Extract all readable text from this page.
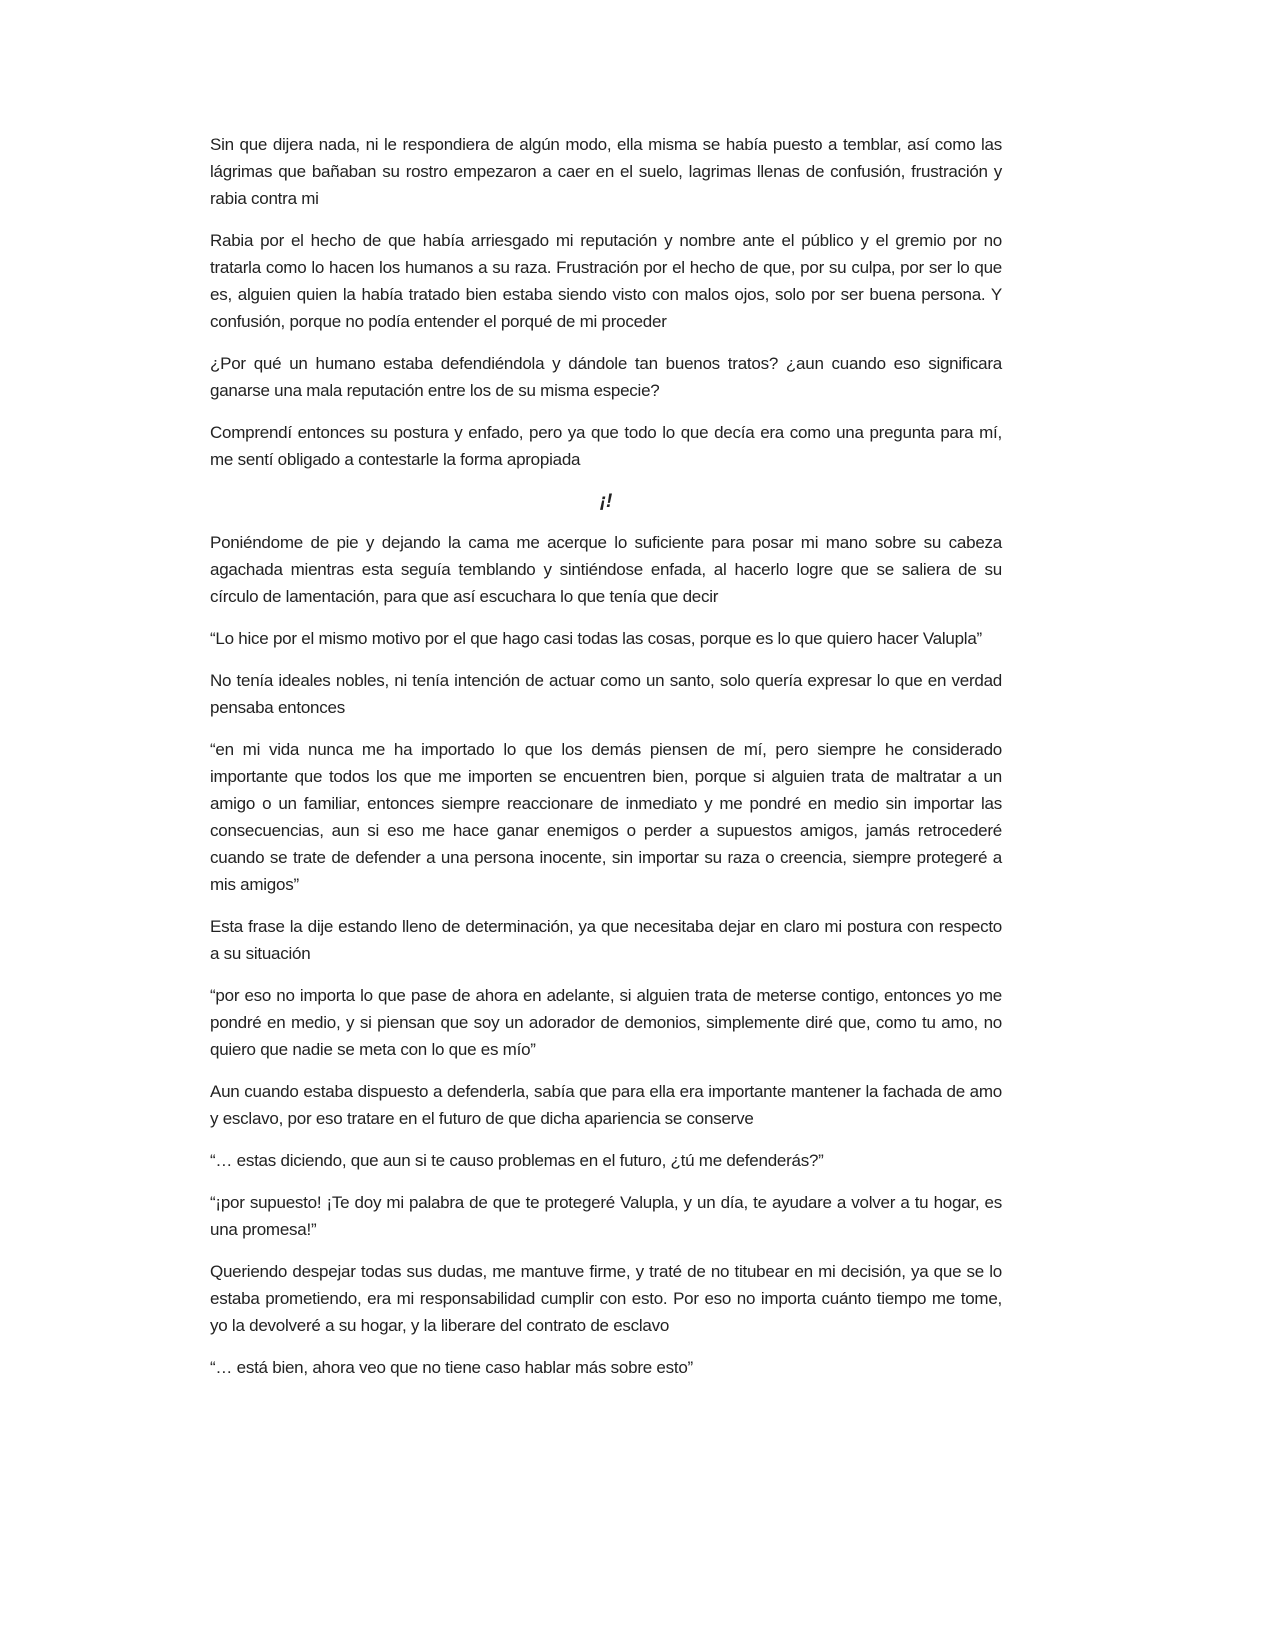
Sin que dijera nada, ni le respondiera de algún modo, ella misma se había puesto a temblar, así como las lágrimas que bañaban su rostro empezaron a caer en el suelo, lagrimas llenas de confusión, frustración y rabia contra mi

Rabia por el hecho de que había arriesgado mi reputación y nombre ante el público y el gremio por no tratarla como lo hacen los humanos a su raza. Frustración por el hecho de que, por su culpa, por ser lo que es, alguien quien la había tratado bien estaba siendo visto con malos ojos, solo por ser buena persona. Y confusión, porque no podía entender el porqué de mi proceder

¿Por qué un humano estaba defendiéndola y dándole tan buenos tratos? ¿aun cuando eso significara ganarse una mala reputación entre los de su misma especie?

Comprendí entonces su postura y enfado, pero ya que todo lo que decía era como una pregunta para mí, me sentí obligado a contestarle la forma apropiada

¡!

Poniéndome de pie y dejando la cama me acerque lo suficiente para posar mi mano sobre su cabeza agachada mientras esta seguía temblando y sintiéndose enfada, al hacerlo logre que se saliera de su círculo de lamentación, para que así escuchara lo que tenía que decir

“Lo hice por el mismo motivo por el que hago casi todas las cosas, porque es lo que quiero hacer Valupla”

No tenía ideales nobles, ni tenía intención de actuar como un santo, solo quería expresar lo que en verdad pensaba entonces

“en mi vida nunca me ha importado lo que los demás piensen de mí, pero siempre he considerado importante que todos los que me importen se encuentren bien, porque si alguien trata de maltratar a un amigo o un familiar, entonces siempre reaccionare de inmediato y me pondré en medio sin importar las consecuencias, aun si eso me hace ganar enemigos o perder a supuestos amigos, jamás retrocederé cuando se trate de defender a una persona inocente, sin importar su raza o creencia, siempre protegeré a mis amigos”

Esta frase la dije estando lleno de determinación, ya que necesitaba dejar en claro mi postura con respecto a su situación

“por eso no importa lo que pase de ahora en adelante, si alguien trata de meterse contigo, entonces yo me pondré en medio, y si piensan que soy un adorador de demonios, simplemente diré que, como tu amo, no quiero que nadie se meta con lo que es mío”

Aun cuando estaba dispuesto a defenderla, sabía que para ella era importante mantener la fachada de amo y esclavo, por eso tratare en el futuro de que dicha apariencia se conserve

“… estas diciendo, que aun si te causo problemas en el futuro, ¿tú me defenderás?”

“¡por supuesto! ¡Te doy mi palabra de que te protegeré Valupla, y un día, te ayudare a volver a tu hogar, es una promesa!”

Queriendo despejar todas sus dudas, me mantuve firme, y traté de no titubear en mi decisión, ya que se lo estaba prometiendo, era mi responsabilidad cumplir con esto. Por eso no importa cuánto tiempo me tome, yo la devolveré a su hogar, y la liberare del contrato de esclavo

“… está bien, ahora veo que no tiene caso hablar más sobre esto”
